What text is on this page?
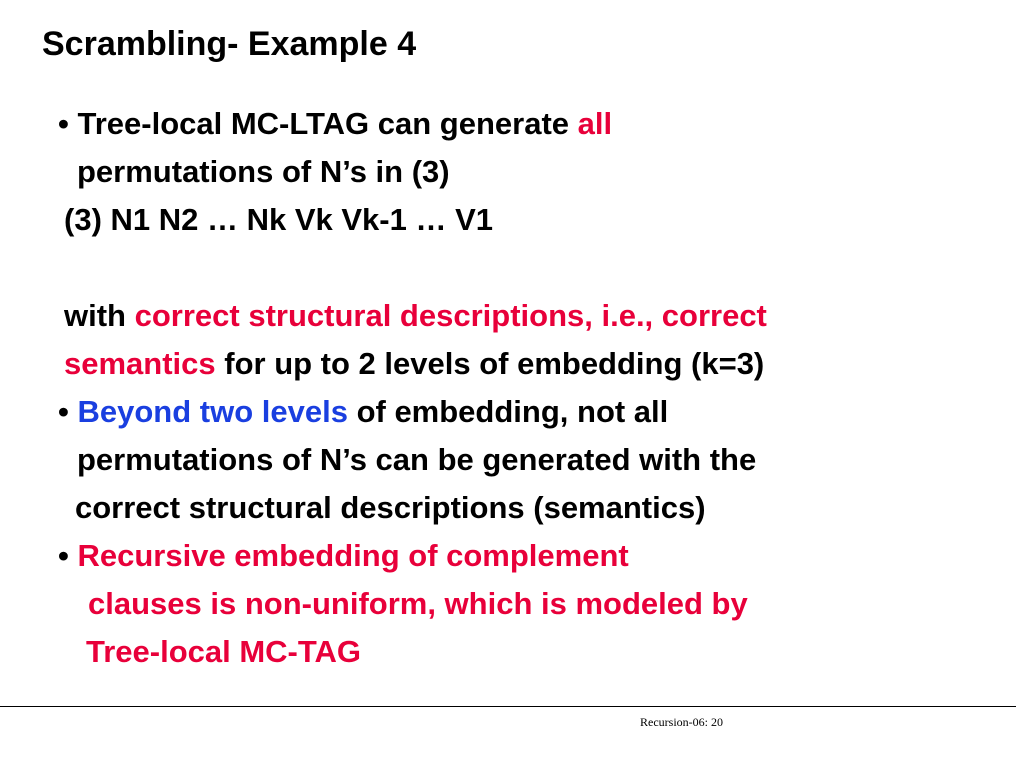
Scrambling- Example 4
• Tree-local MC-LTAG can generate all
permutations of N’s in (3)
(3) N1 N2 … Nk Vk Vk-1 … V1
with correct structural descriptions, i.e., correct
semantics for up to 2 levels of embedding (k=3)
• Beyond two levels of embedding, not all
permutations of N’s can be generated with the
correct structural descriptions (semantics)
• Recursive embedding of complement
clauses is non-uniform, which is modeled by
Tree-local MC-TAG
Recursion-06: 20
